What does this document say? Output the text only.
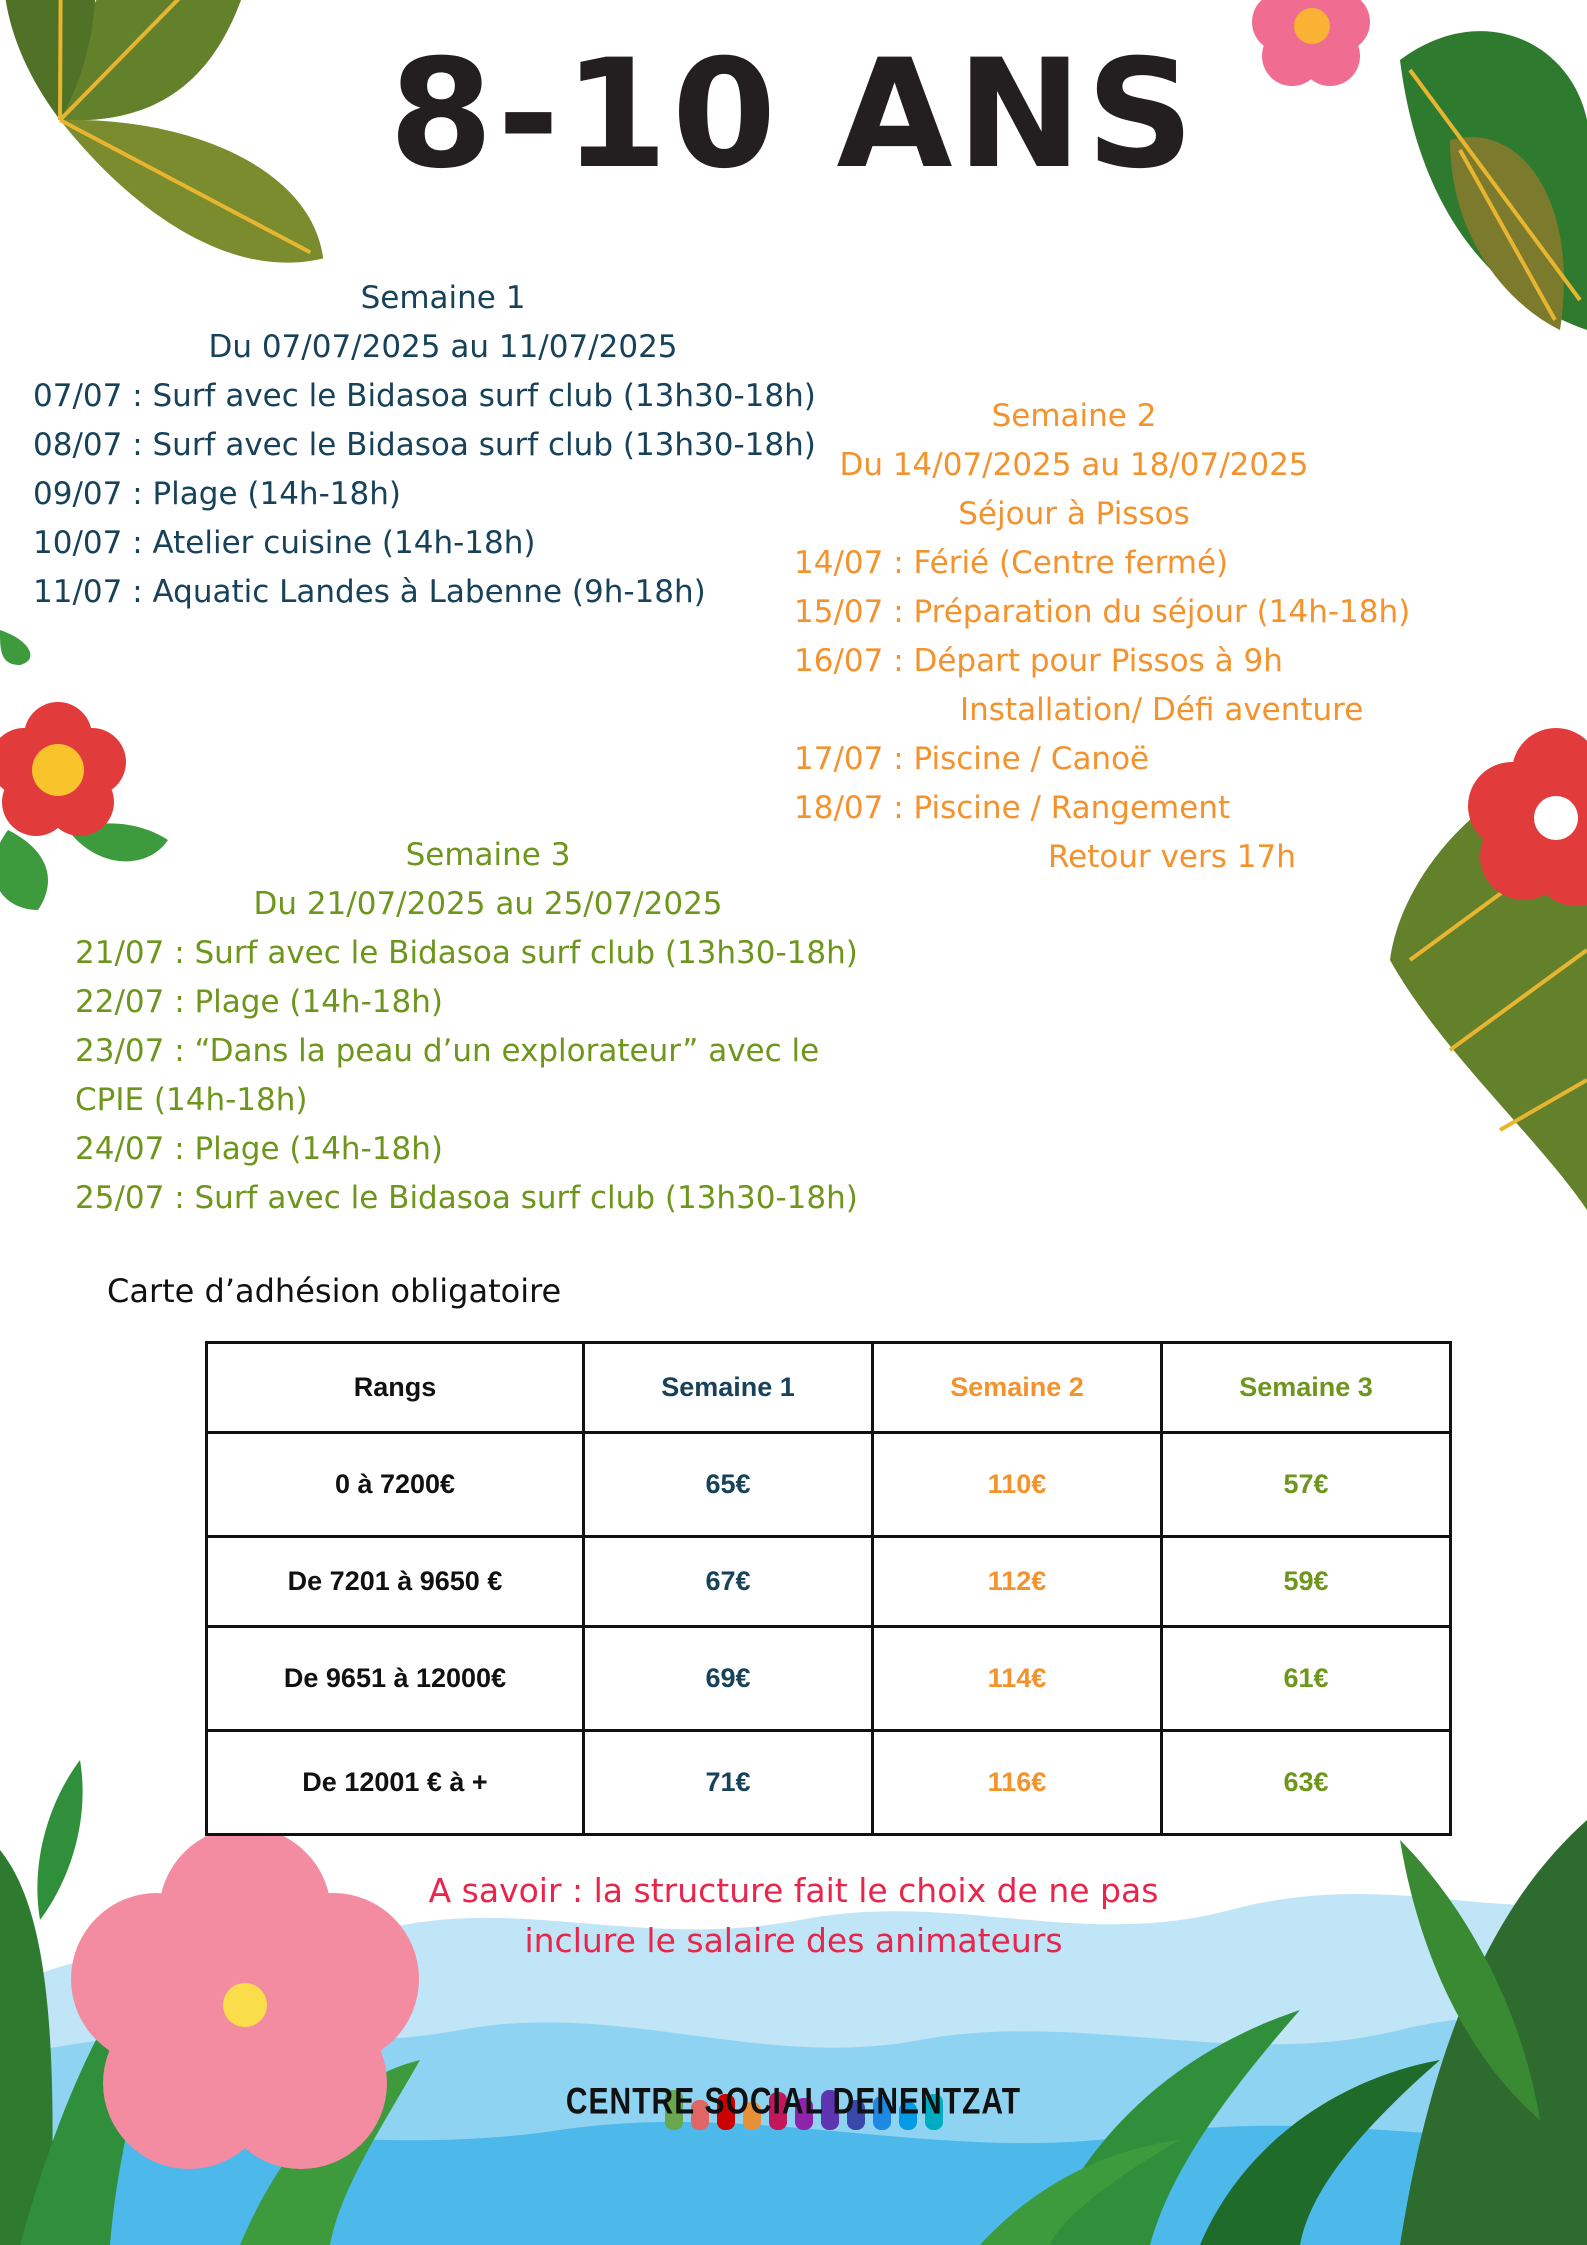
8-10 ANS
Semaine 1
Du 07/07/2025 au 11/07/2025
07/07 : Surf avec le Bidasoa surf club (13h30-18h)
08/07 : Surf avec le Bidasoa surf club (13h30-18h)
09/07 : Plage (14h-18h)
10/07 : Atelier cuisine (14h-18h)
11/07 : Aquatic Landes à Labenne (9h-18h)
Semaine 2
Du 14/07/2025 au 18/07/2025
Séjour à Pissos
14/07 : Férié (Centre fermé)
15/07 : Préparation du séjour (14h-18h)
16/07 : Départ pour Pissos à 9h
Installation/ Défi aventure
17/07 : Piscine / Canoë
18/07 : Piscine / Rangement
Retour vers 17h
Semaine 3
Du 21/07/2025 au 25/07/2025
21/07 : Surf avec le Bidasoa surf club (13h30-18h)
22/07 : Plage (14h-18h)
23/07 : “Dans la peau d’un explorateur” avec le
CPIE (14h-18h)
24/07 : Plage (14h-18h)
25/07 : Surf avec le Bidasoa surf club (13h30-18h)
Carte d’adhésion obligatoire
Rangs	Semaine 1	Semaine 2	Semaine 3
0 à 7200€	65€	110€	57€
De 7201 à 9650 €	67€	112€	59€
De 9651 à 12000€	69€	114€	61€
De 12001 € à +	71€	116€	63€
A savoir : la structure fait le choix de ne pas
inclure le salaire des animateurs
CENTRE SOCIAL DENENTZAT
